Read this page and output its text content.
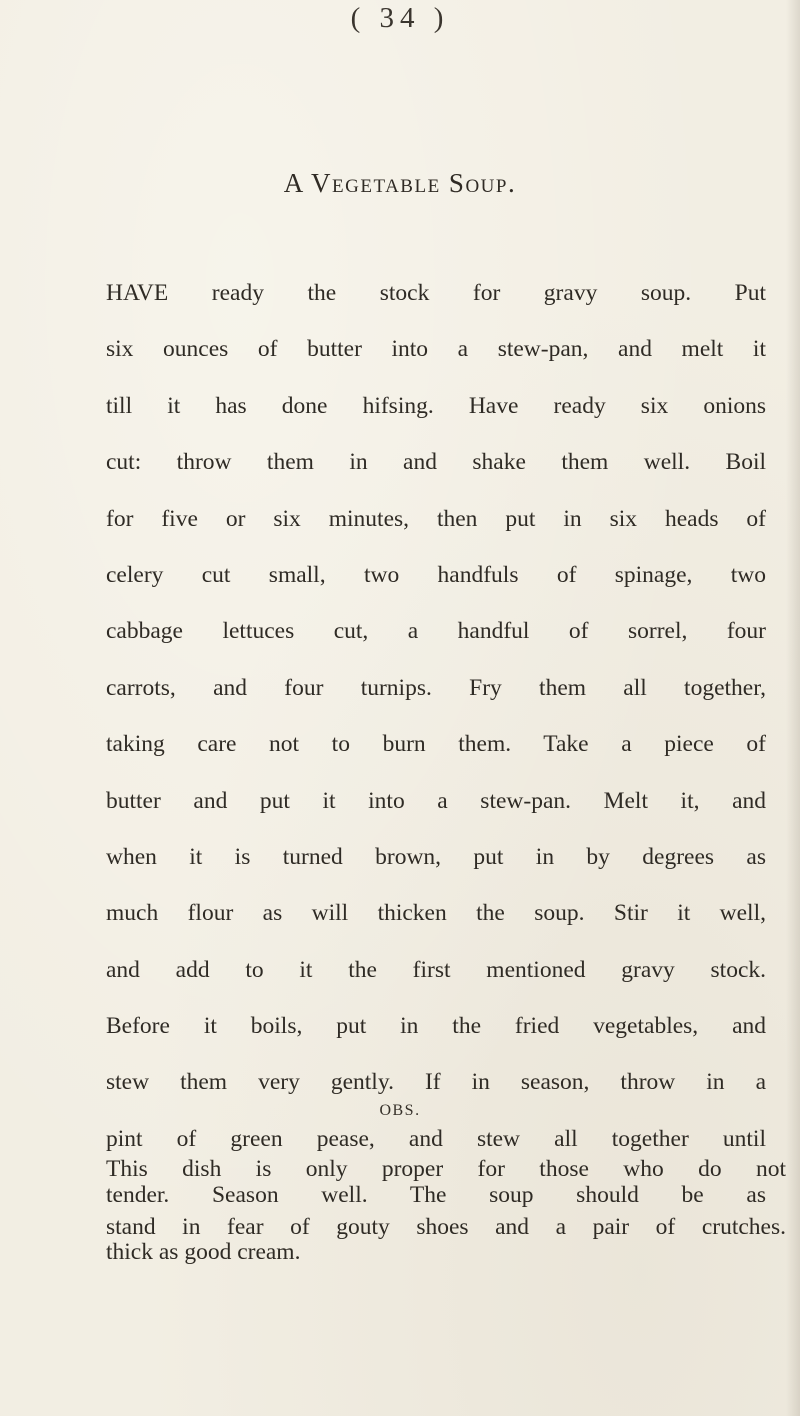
( 34 )
A Vegetable Soup.
HAVE ready the stock for gravy soup. Put
six ounces of butter into a stew-pan, and melt it
till it has done hifsing. Have ready six onions
cut: throw them in and shake them well. Boil
for five or six minutes, then put in six heads of
celery cut small, two handfuls of spinage, two
cabbage lettuces cut, a handful of sorrel, four
carrots, and four turnips. Fry them all together,
taking care not to burn them. Take a piece of
butter and put it into a stew-pan. Melt it, and
when it is turned brown, put in by degrees as
much flour as will thicken the soup. Stir it well,
and add to it the first mentioned gravy stock.
Before it boils, put in the fried vegetables, and
stew them very gently. If in season, throw in a
pint of green pease, and stew all together until
tender. Season well. The soup should be as
thick as good cream.
OBS.
This dish is only proper for those who do not
stand in fear of gouty shoes and a pair of crutches.
